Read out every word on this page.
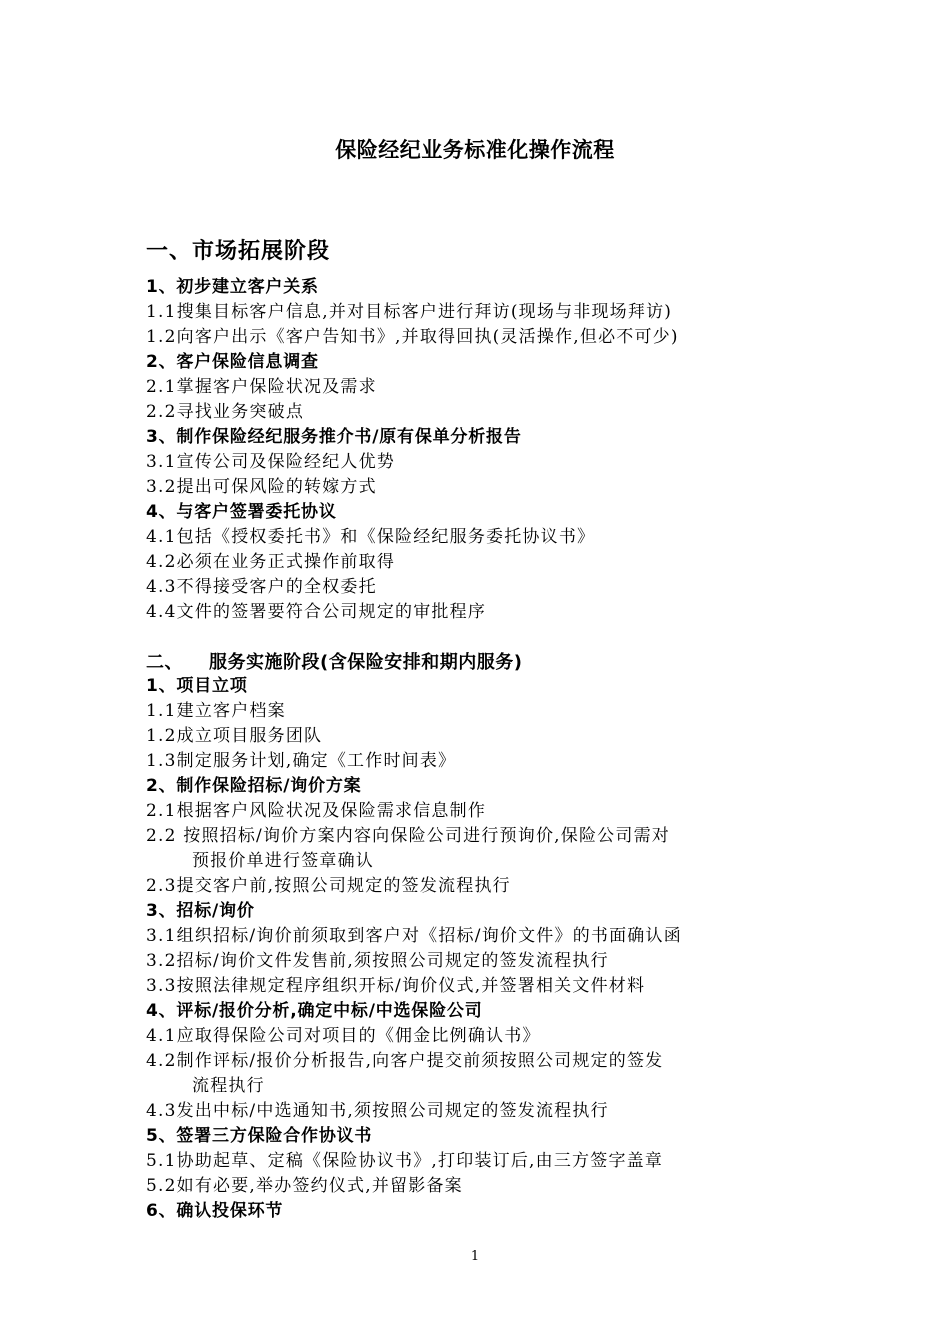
保险经纪业务标准化操作流程
一、市场拓展阶段
1、初步建立客户关系
1.1搜集目标客户信息,并对目标客户进行拜访(现场与非现场拜访)
1.2向客户出示《客户告知书》,并取得回执(灵活操作,但必不可少)
2、客户保险信息调查
2.1掌握客户保险状况及需求
2.2寻找业务突破点
3、制作保险经纪服务推介书/原有保单分析报告
3.1宣传公司及保险经纪人优势
3.2提出可保风险的转嫁方式
4、与客户签署委托协议
4.1包括《授权委托书》和《保险经纪服务委托协议书》
4.2必须在业务正式操作前取得
4.3不得接受客户的全权委托
4.4文件的签署要符合公司规定的审批程序
二、 服务实施阶段(含保险安排和期内服务)
1、项目立项
1.1建立客户档案
1.2成立项目服务团队
1.3制定服务计划,确定《工作时间表》
2、制作保险招标/询价方案
2.1根据客户风险状况及保险需求信息制作
2.2 按照招标/询价方案内容向保险公司进行预询价,保险公司需对
预报价单进行签章确认
2.3提交客户前,按照公司规定的签发流程执行
3、招标/询价
3.1组织招标/询价前须取到客户对《招标/询价文件》的书面确认函
3.2招标/询价文件发售前,须按照公司规定的签发流程执行
3.3按照法律规定程序组织开标/询价仪式,并签署相关文件材料
4、评标/报价分析,确定中标/中选保险公司
4.1应取得保险公司对项目的《佣金比例确认书》
4.2制作评标/报价分析报告,向客户提交前须按照公司规定的签发
流程执行
4.3发出中标/中选通知书,须按照公司规定的签发流程执行
5、签署三方保险合作协议书
5.1协助起草、定稿《保险协议书》,打印装订后,由三方签字盖章
5.2如有必要,举办签约仪式,并留影备案
6、确认投保环节
1
